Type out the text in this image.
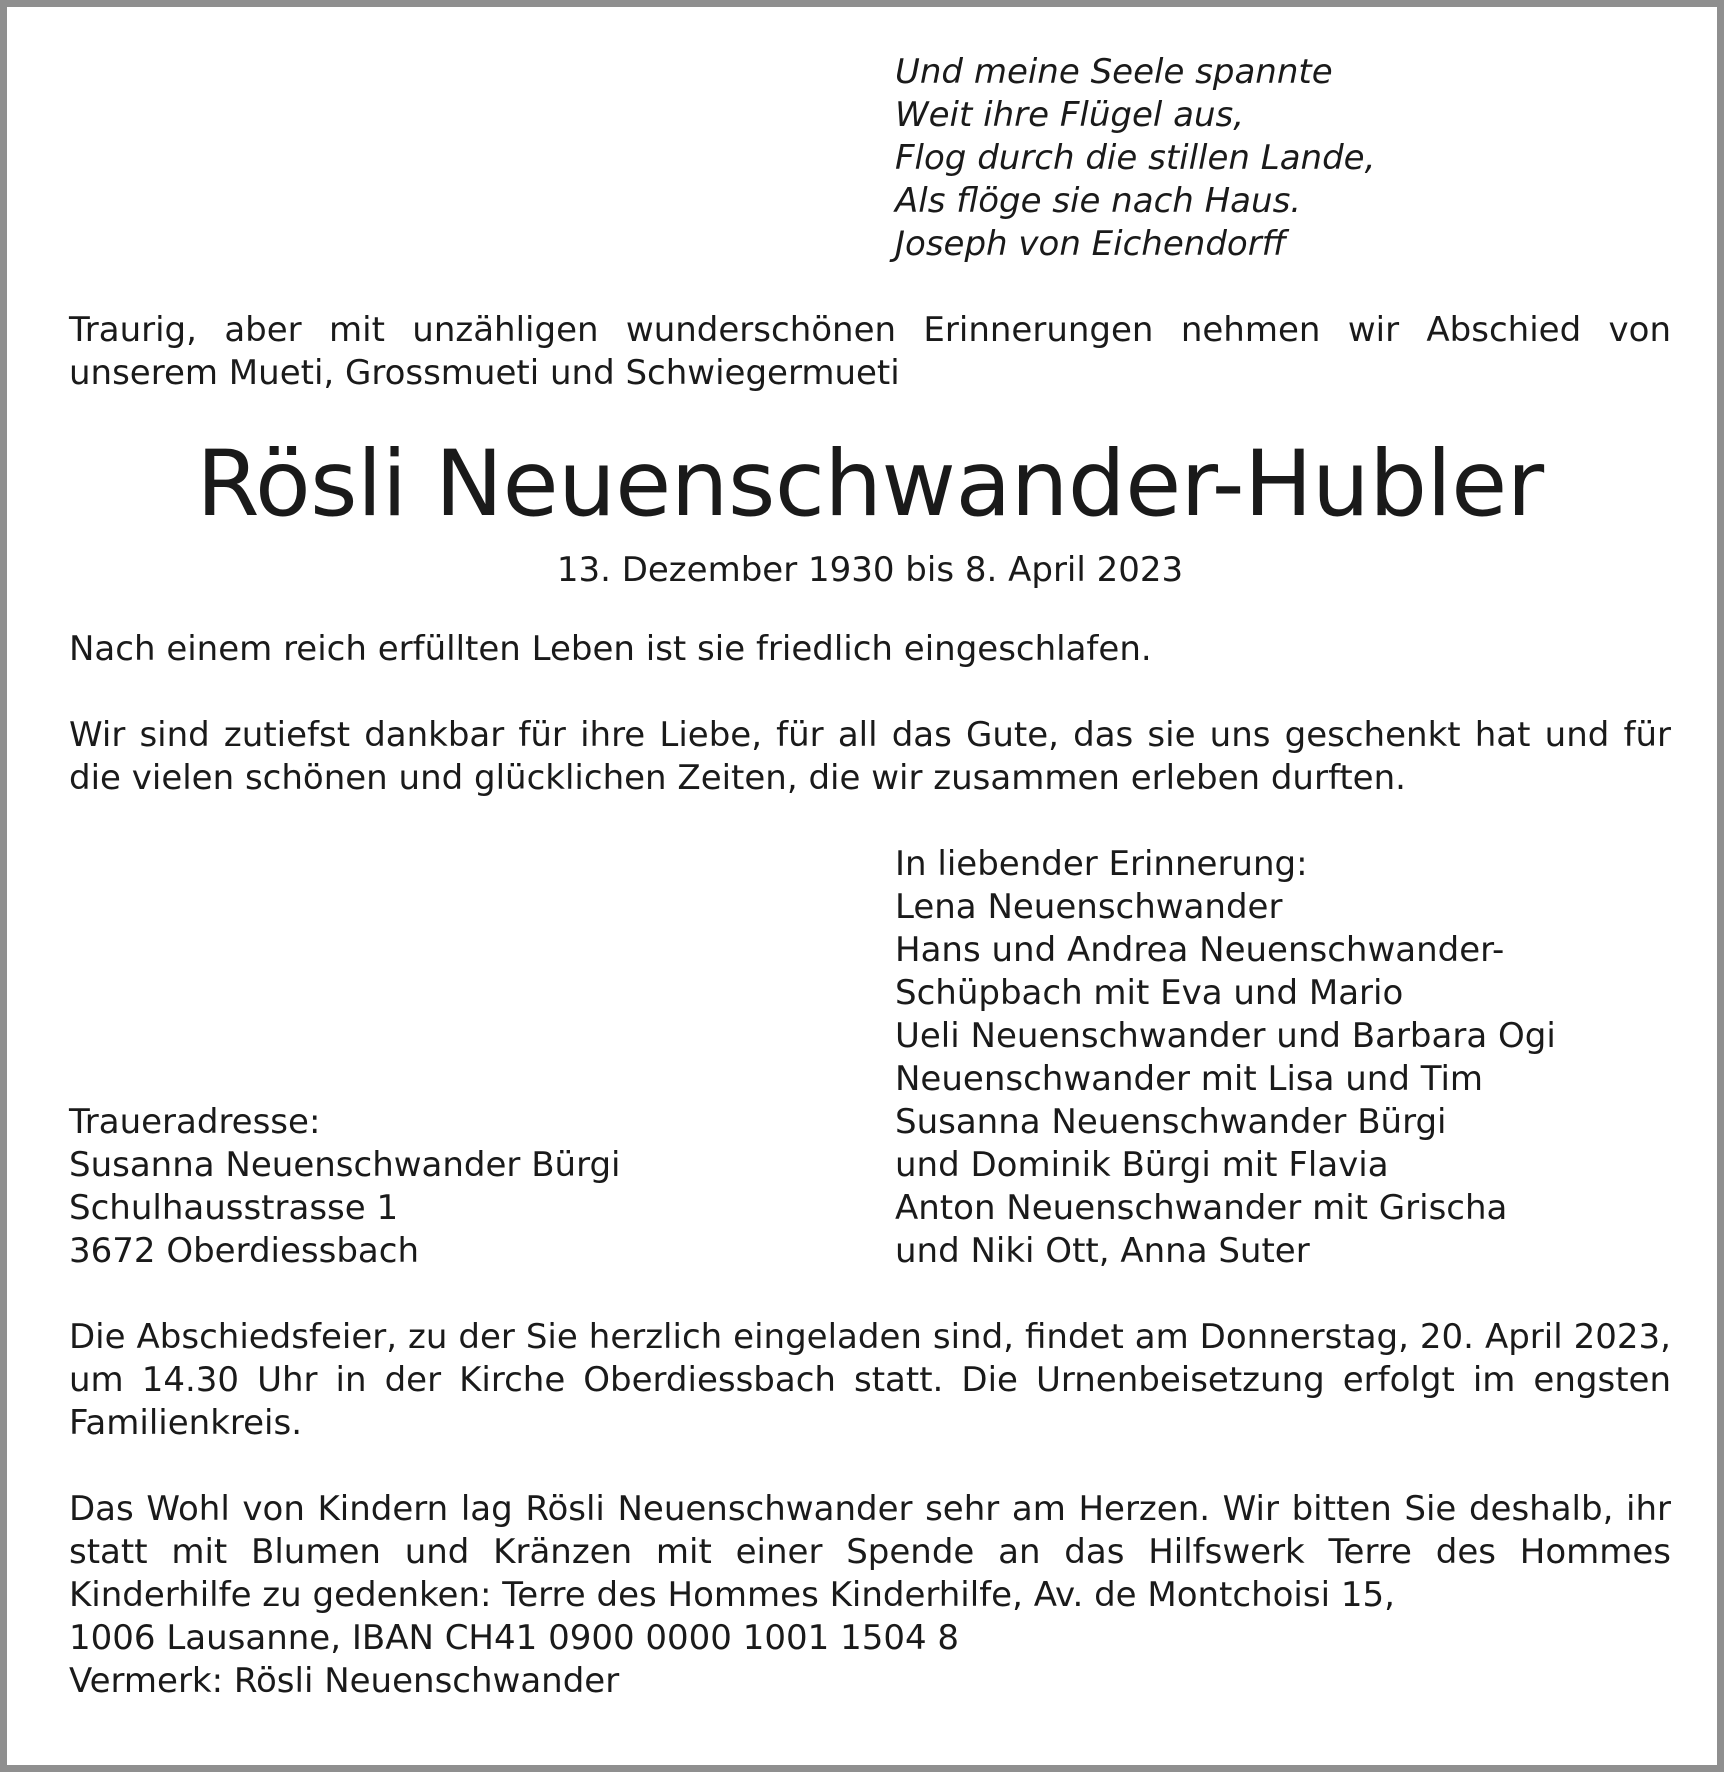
Und meine Seele spannte
Weit ihre Flügel aus,
Flog durch die stillen Lande,
Als flöge sie nach Haus.
Joseph von Eichendorff

Traurig, aber mit unzähligen wunderschönen Erinnerungen nehmen wir Abschied von unserem Mueti, Grossmueti und Schwiegermueti

Rösli Neuenschwander-Hubler
13. Dezember 1930 bis 8. April 2023

Nach einem reich erfüllten Leben ist sie friedlich eingeschlafen.

Wir sind zutiefst dankbar für ihre Liebe, für all das Gute, das sie uns geschenkt hat und für die vielen schönen und glücklichen Zeiten, die wir zusammen erleben durften.

Traueradresse:
Susanna Neuenschwander Bürgi
Schulhausstrasse 1
3672 Oberdiessbach
In liebender Erinnerung:
Lena Neuenschwander
Hans und Andrea Neuenschwander-
Schüpbach mit Eva und Mario
Ueli Neuenschwander und Barbara Ogi
Neuenschwander mit Lisa und Tim
Susanna Neuenschwander Bürgi
und Dominik Bürgi mit Flavia
Anton Neuenschwander mit Grischa
und Niki Ott, Anna Suter

Die Abschiedsfeier, zu der Sie herzlich eingeladen sind, findet am Donnerstag, 20. April 2023, um 14.30 Uhr in der Kirche Oberdiessbach statt. Die Urnenbeisetzung erfolgt im engsten Familienkreis.

Das Wohl von Kindern lag Rösli Neuenschwander sehr am Herzen. Wir bitten Sie deshalb, ihr statt mit Blumen und Kränzen mit einer Spende an das Hilfswerk Terre des Hommes Kinderhilfe zu gedenken: Terre des Hommes Kinderhilfe, Av. de Montchoisi 15,

1006 Lausanne, IBAN CH41 0900 0000 1001 1504 8

Vermerk: Rösli Neuenschwander
